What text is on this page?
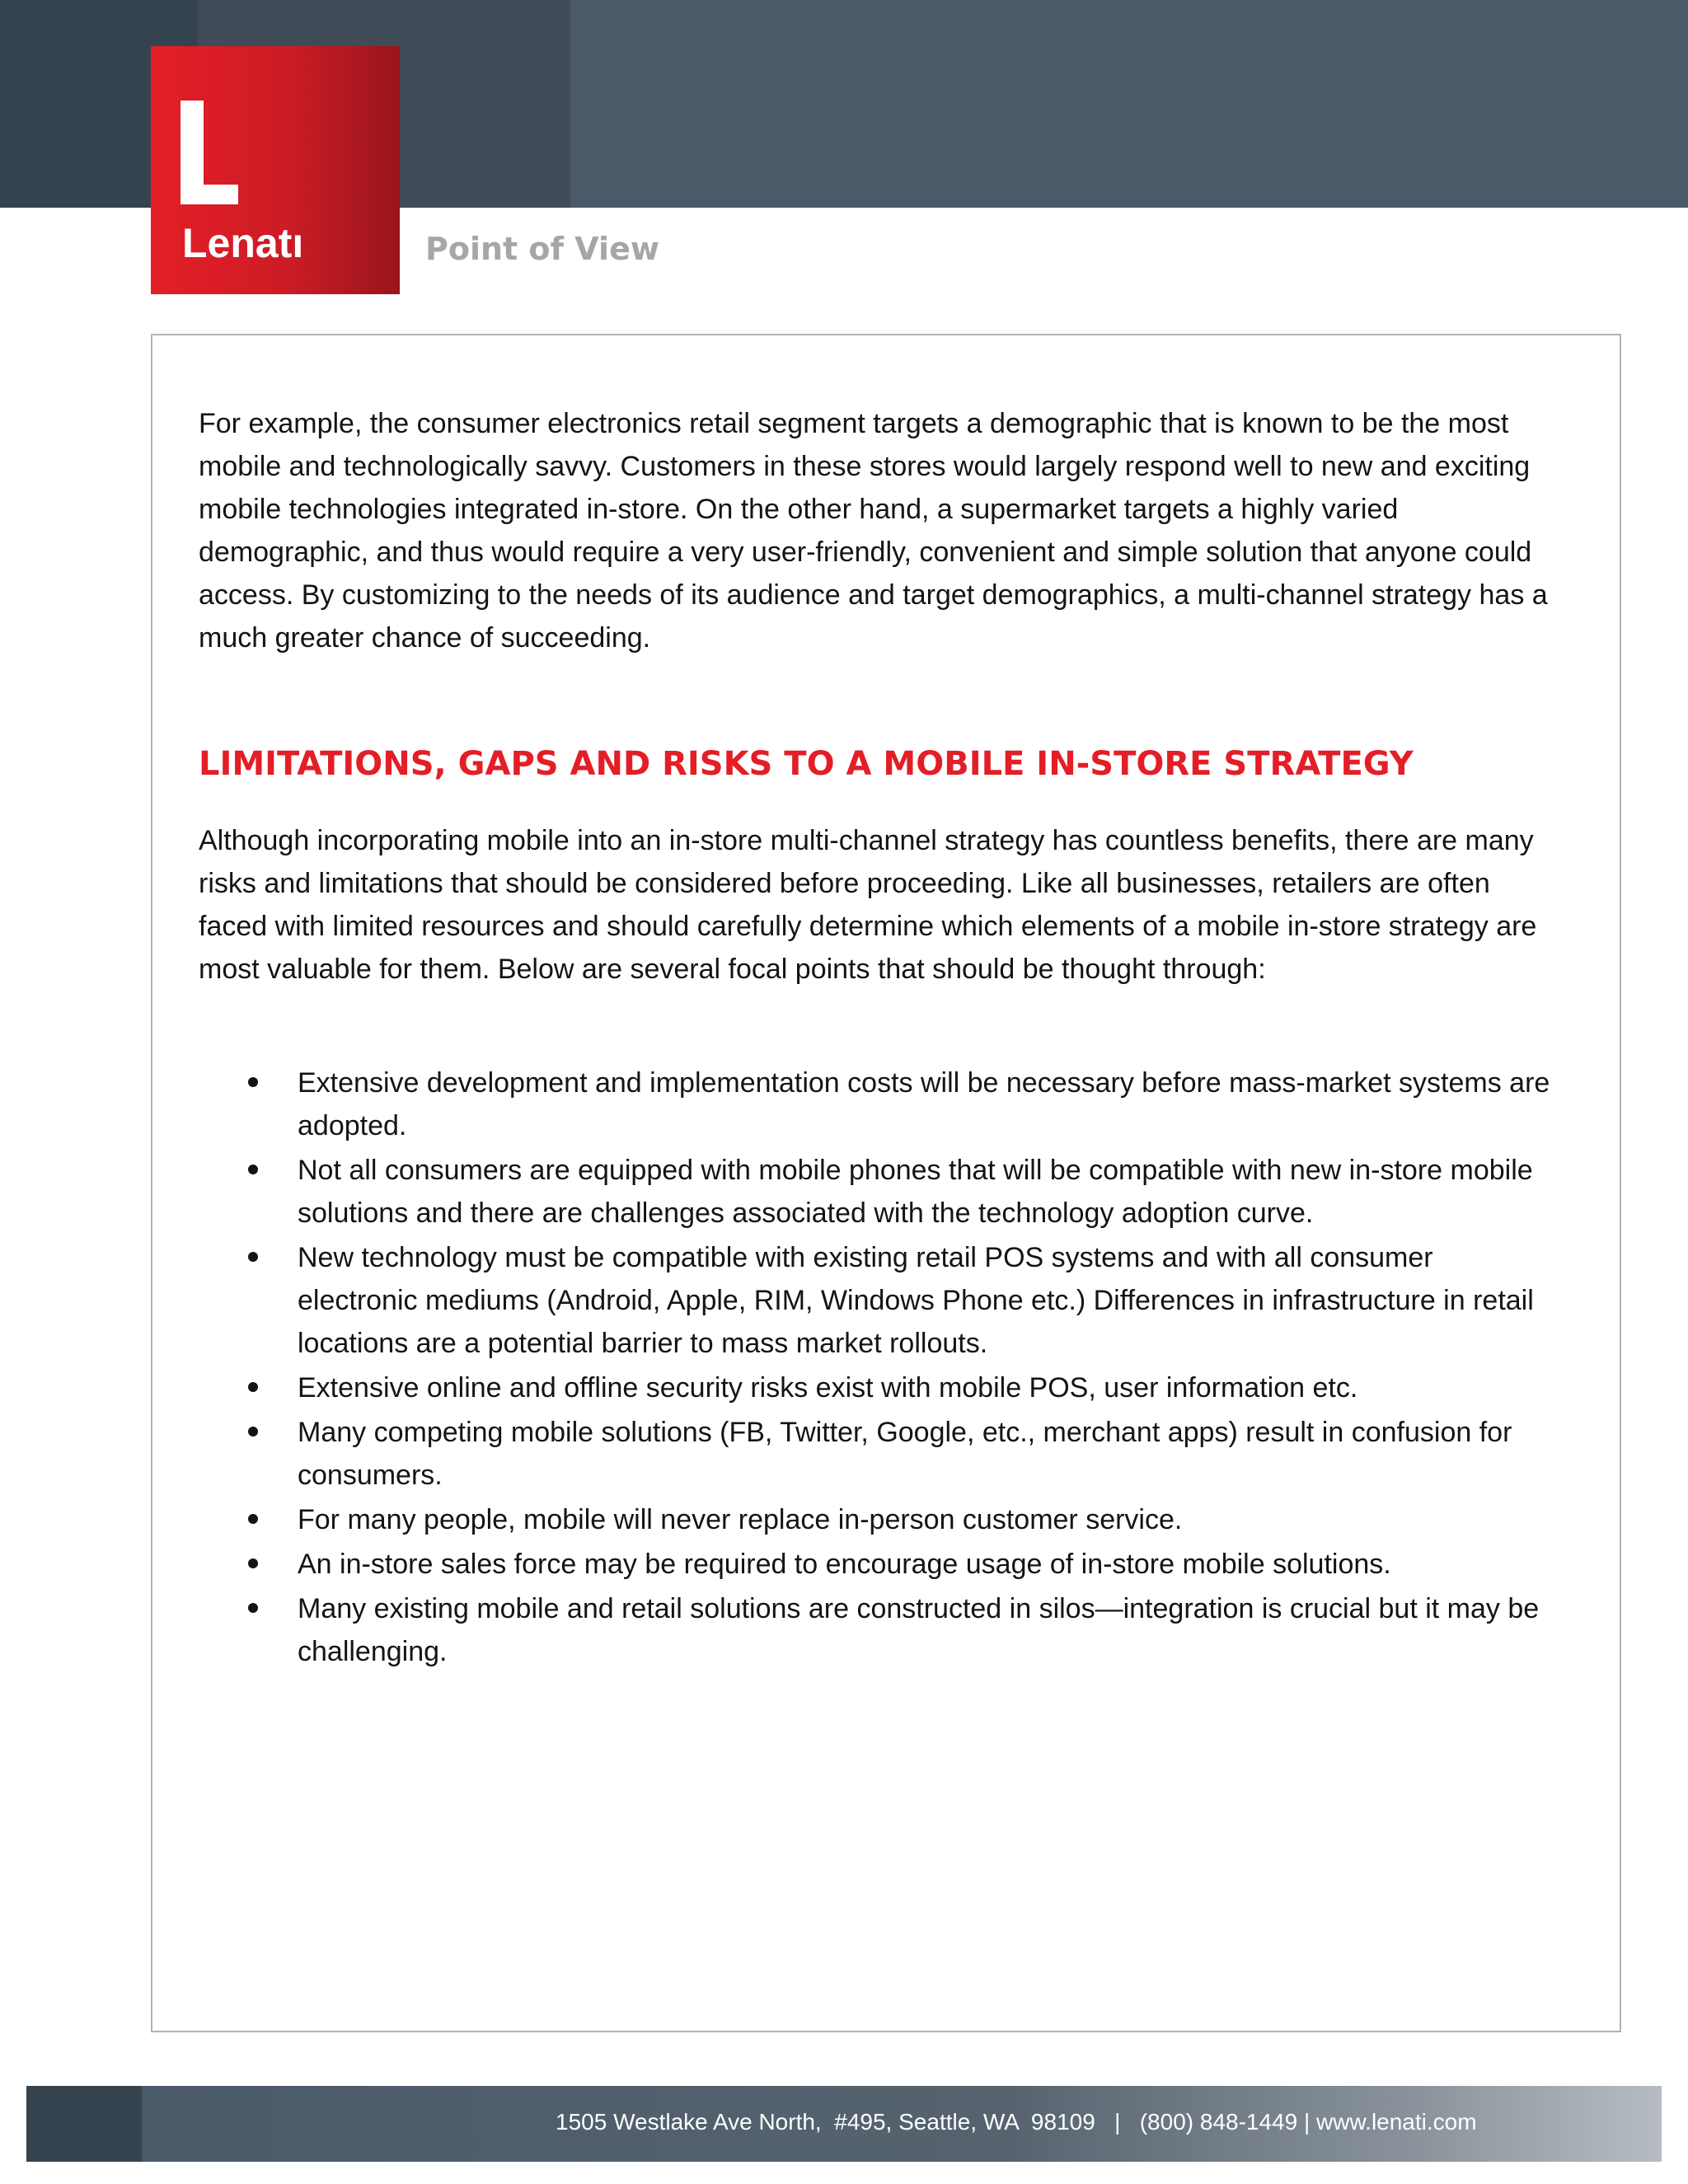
Lenatı	Point of View

For example, the consumer electronics retail segment targets a demographic that is known to be the most mobile and technologically savvy. Customers in these stores would largely respond well to new and exciting mobile technologies integrated in-store. On the other hand, a supermarket targets a highly varied demographic, and thus would require a very user-friendly, convenient and simple solution that anyone could access. By customizing to the needs of its audience and target demographics, a multi-channel strategy has a much greater chance of succeeding.

LIMITATIONS, GAPS AND RISKS TO A MOBILE IN-STORE STRATEGY

Although incorporating mobile into an in-store multi-channel strategy has countless benefits, there are many risks and limitations that should be considered before proceeding. Like all businesses, retailers are often faced with limited resources and should carefully determine which elements of a mobile in-store strategy are most valuable for them. Below are several focal points that should be thought through:

Extensive development and implementation costs will be necessary before mass-market systems are adopted.
Not all consumers are equipped with mobile phones that will be compatible with new in-store mobile solutions and there are challenges associated with the technology adoption curve.
New technology must be compatible with existing retail POS systems and with all consumer electronic mediums (Android, Apple, RIM, Windows Phone etc.) Differences in infrastructure in retail locations are a potential barrier to mass market rollouts.
Extensive online and offline security risks exist with mobile POS, user information etc.
Many competing mobile solutions (FB, Twitter, Google, etc., merchant apps) result in confusion for consumers.
For many people, mobile will never replace in-person customer service.
An in-store sales force may be required to encourage usage of in-store mobile solutions.
Many existing mobile and retail solutions are constructed in silos—integration is crucial but it may be challenging.
1505 Westlake Ave North,  #495, Seattle, WA  98109   |   (800) 848-1449 | www.lenati.com
